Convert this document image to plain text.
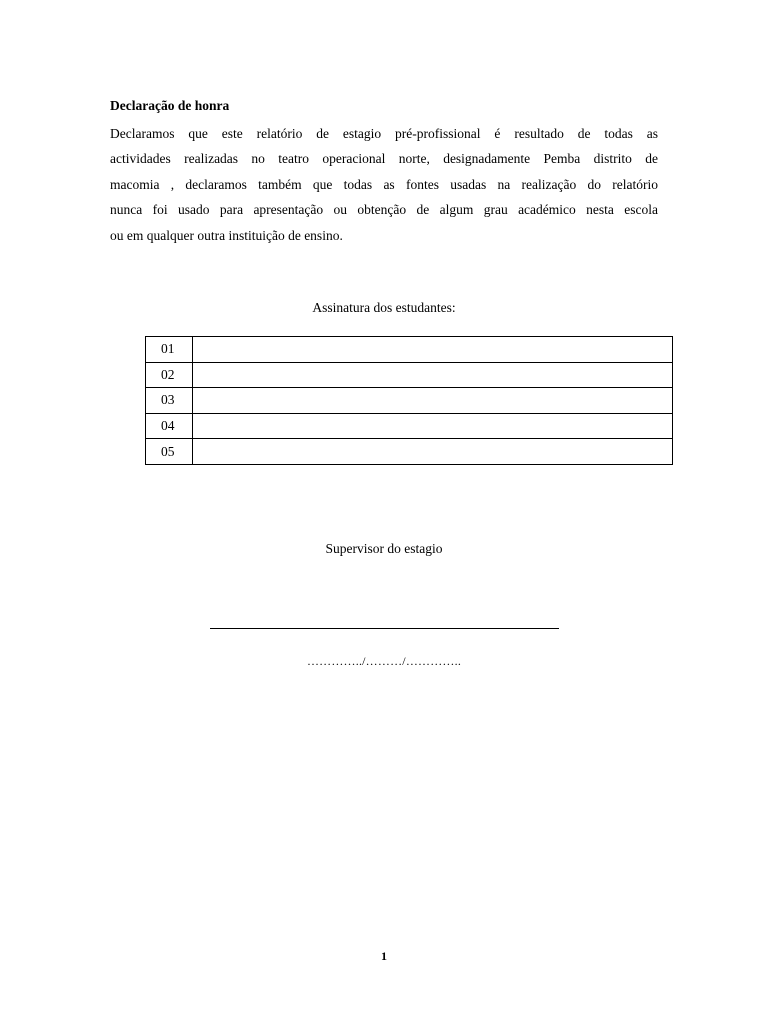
Declaração de honra

Declaramos que este relatório de estagio pré-profissional é resultado de todas as
actividades realizadas no teatro operacional norte, designadamente Pemba distrito de
macomia , declaramos também que todas as fontes usadas na realização do relatório
nunca foi usado para apresentação ou obtenção de algum grau académico nesta escola
ou em qualquer outra instituição de ensino.

Assinatura dos estudantes:

01	
02	
03	
04	
05	

Supervisor do estagio

…………../………/…………..

1
